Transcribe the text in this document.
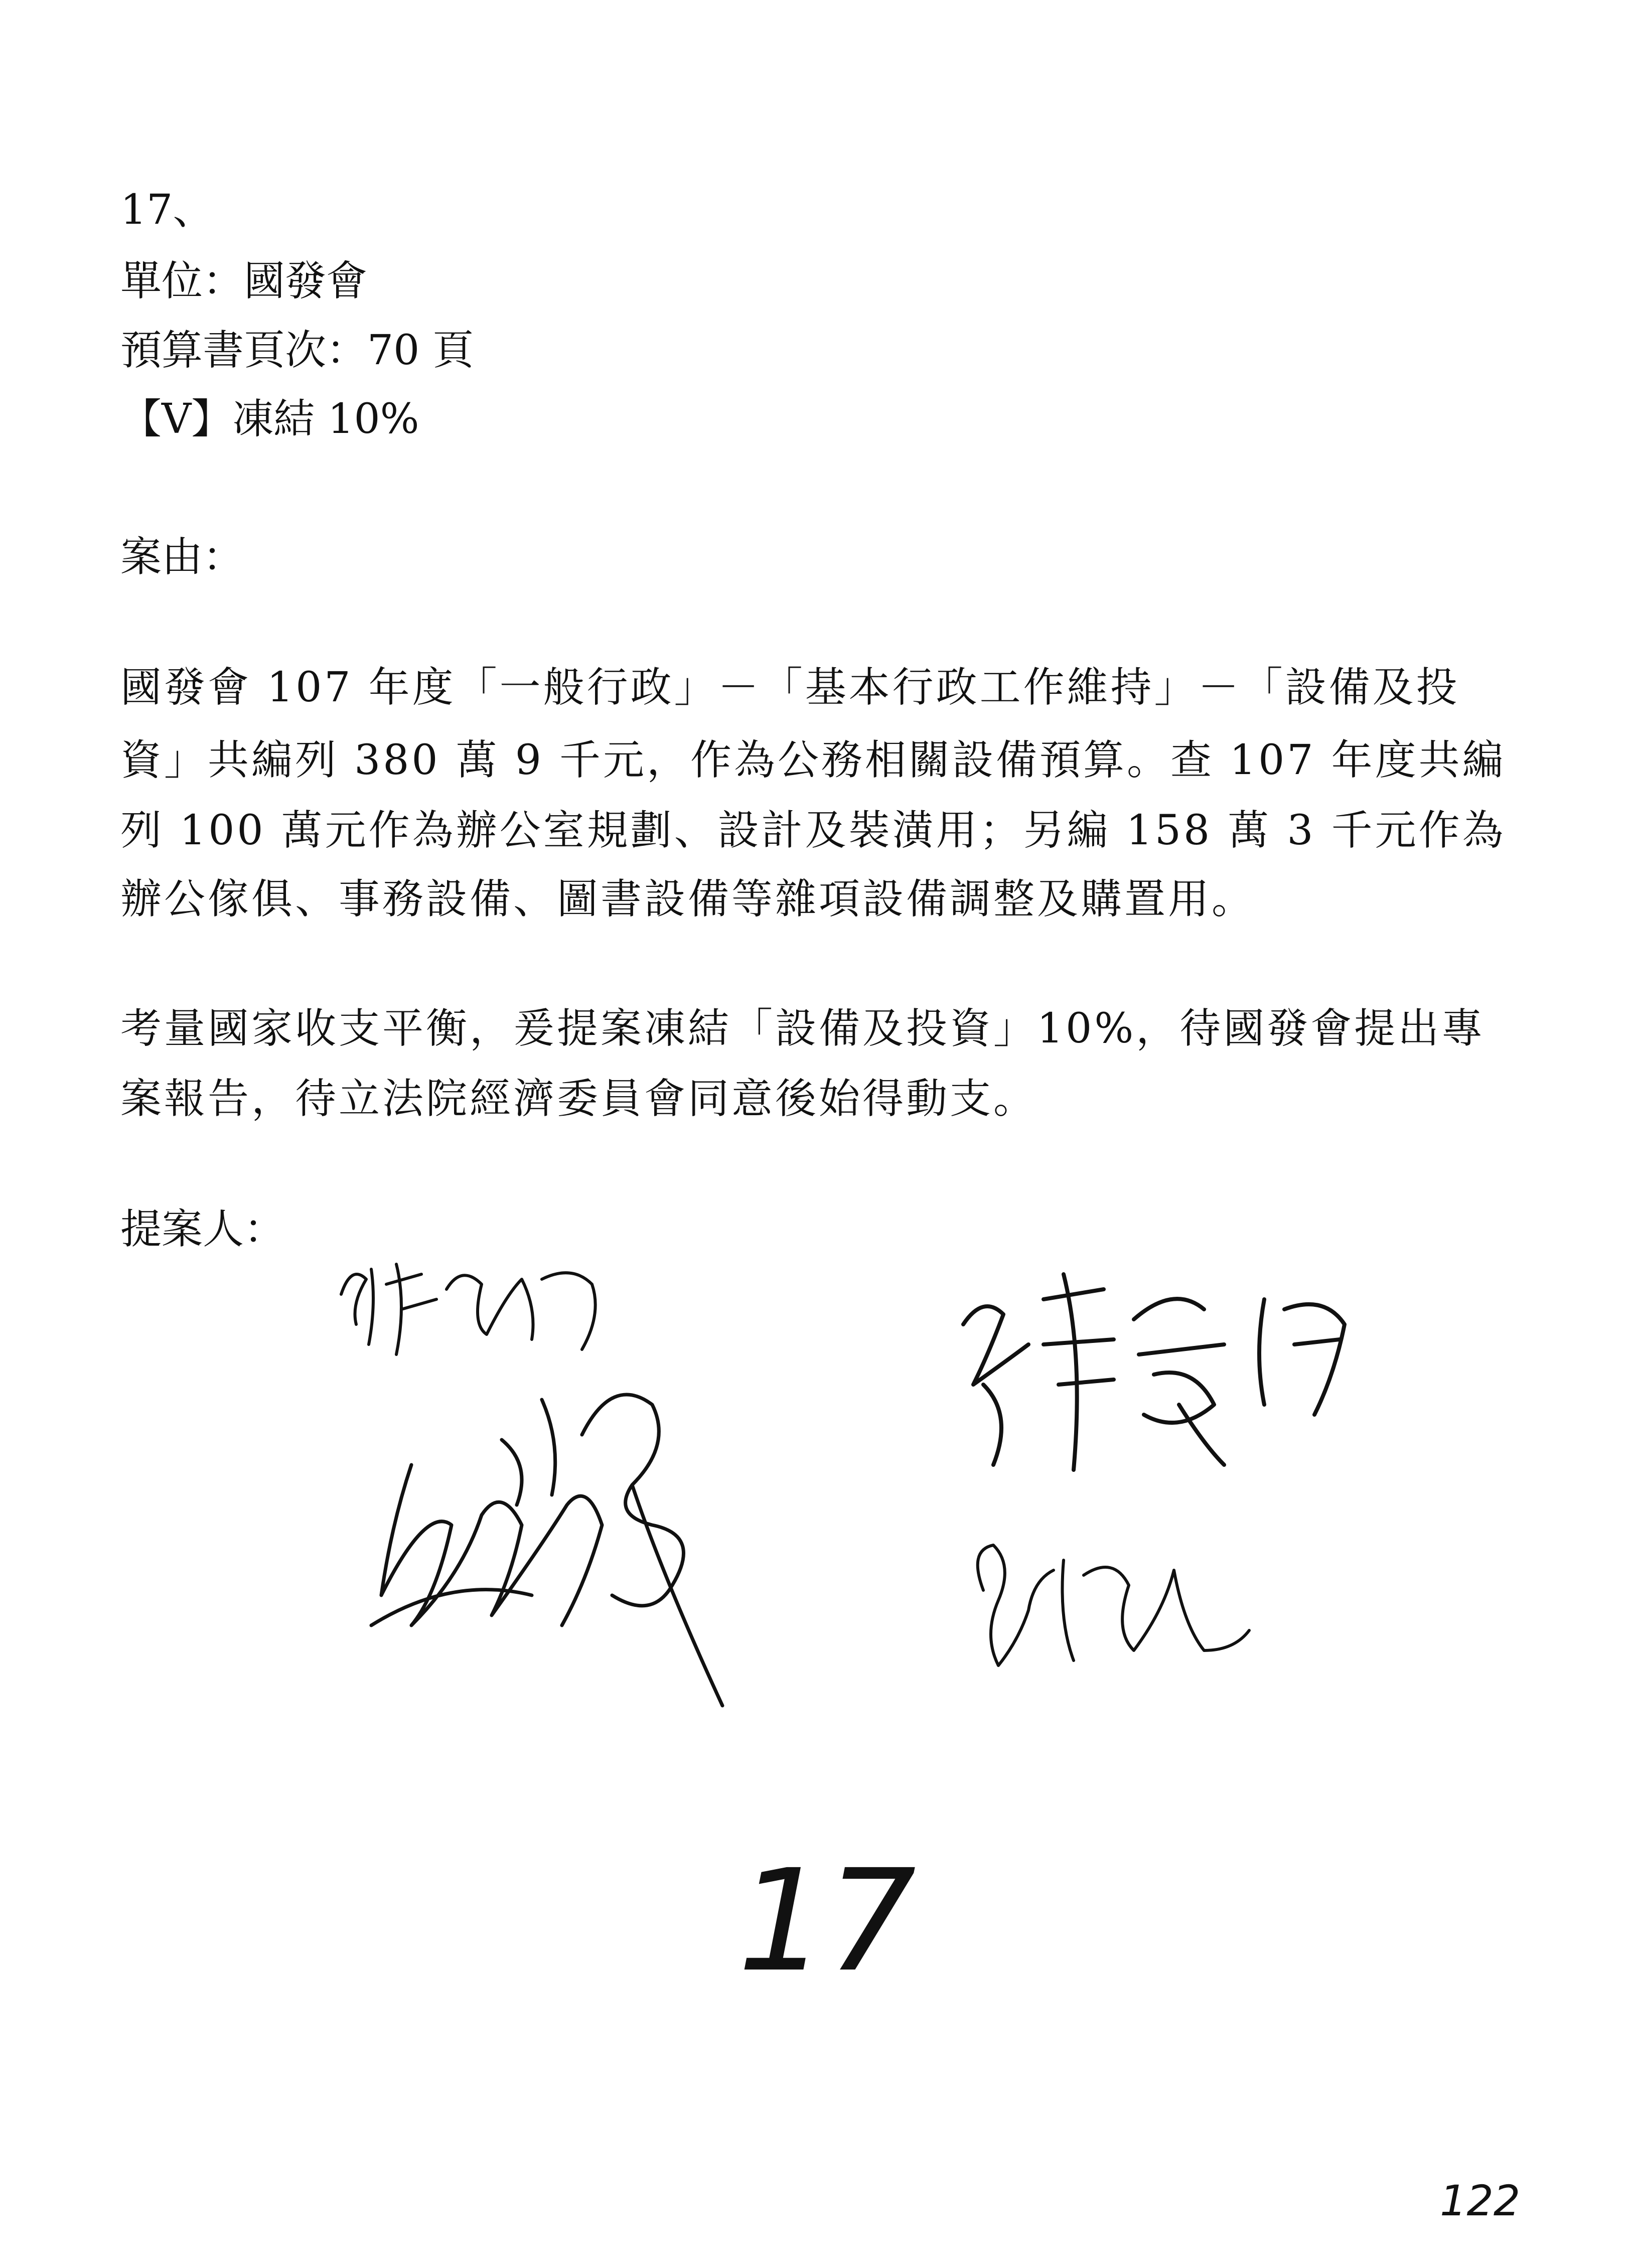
17、
單位：國發會
預算書頁次：70 頁
【V】凍結 10%
案由：
國發會 107 年度「一般行政」－「基本行政工作維持」－「設備及投
資」共編列 380 萬 9 千元，作為公務相關設備預算。查 107 年度共編
列 100 萬元作為辦公室規劃、設計及裝潢用；另編 158 萬 3 千元作為
辦公傢俱、事務設備、圖書設備等雜項設備調整及購置用。
考量國家收支平衡，爰提案凍結「設備及投資」10%，待國發會提出專
案報告，待立法院經濟委員會同意後始得動支。
提案人：
17
122
